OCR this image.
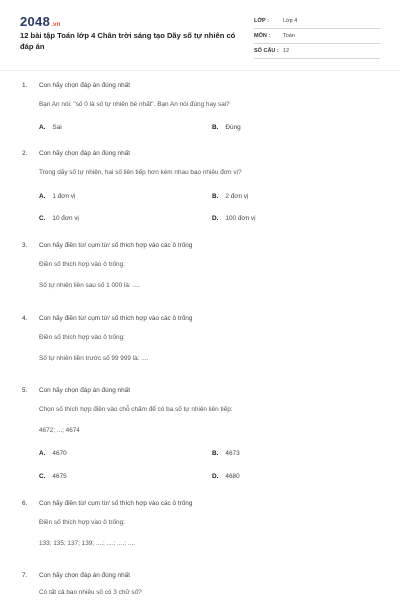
2048.vn
12 bài tập Toán lớp 4 Chân trời sáng tạo Dãy số tự nhiên có đáp án
LỚP :	Lớp 4
MÔN : Toán
SỐ CÂU : 12
1. Con hãy chọn đáp án đúng nhất
Bạn An nói: "số 0 là số tự nhiên bé nhất". Bạn An nói đúng hay sai?
A. Sai	B. Đúng
2. Con hãy chọn đáp án đúng nhất
Trong dãy số tự nhiên, hai số liên tiếp hơn kém nhau bao nhiêu đơn vị?
A. 1 đơn vị	B. 2 đơn vị
C. 10 đơn vị	D. 100 đơn vị
3. Con hãy điền từ/ cụm từ/ số thích hợp vào các ô trống
Điền số thích hợp vào ô trống:
Số tự nhiên liền sau số 1 000 là: ....
4. Con hãy điền từ/ cụm từ/ số thích hợp vào các ô trống
Điền số thích hợp vào ô trống:
Số tự nhiên liền trước số 99 999 là: ....
5. Con hãy chọn đáp án đúng nhất
Chọn số thích hợp điền vào chỗ chấm để có ba số tự nhiên liên tiếp:
4672; ...; 4674
A. 4670	B. 4673
C. 4675	D. 4680
6. Con hãy điền từ/ cụm từ/ số thích hợp vào các ô trống
Điền số thích hợp vào ô trống:
133; 135; 137; 139; ....; ....; ....; ....
7. Con hãy chọn đáp án đúng nhất
Có tất cả bao nhiêu số có 3 chữ số?
